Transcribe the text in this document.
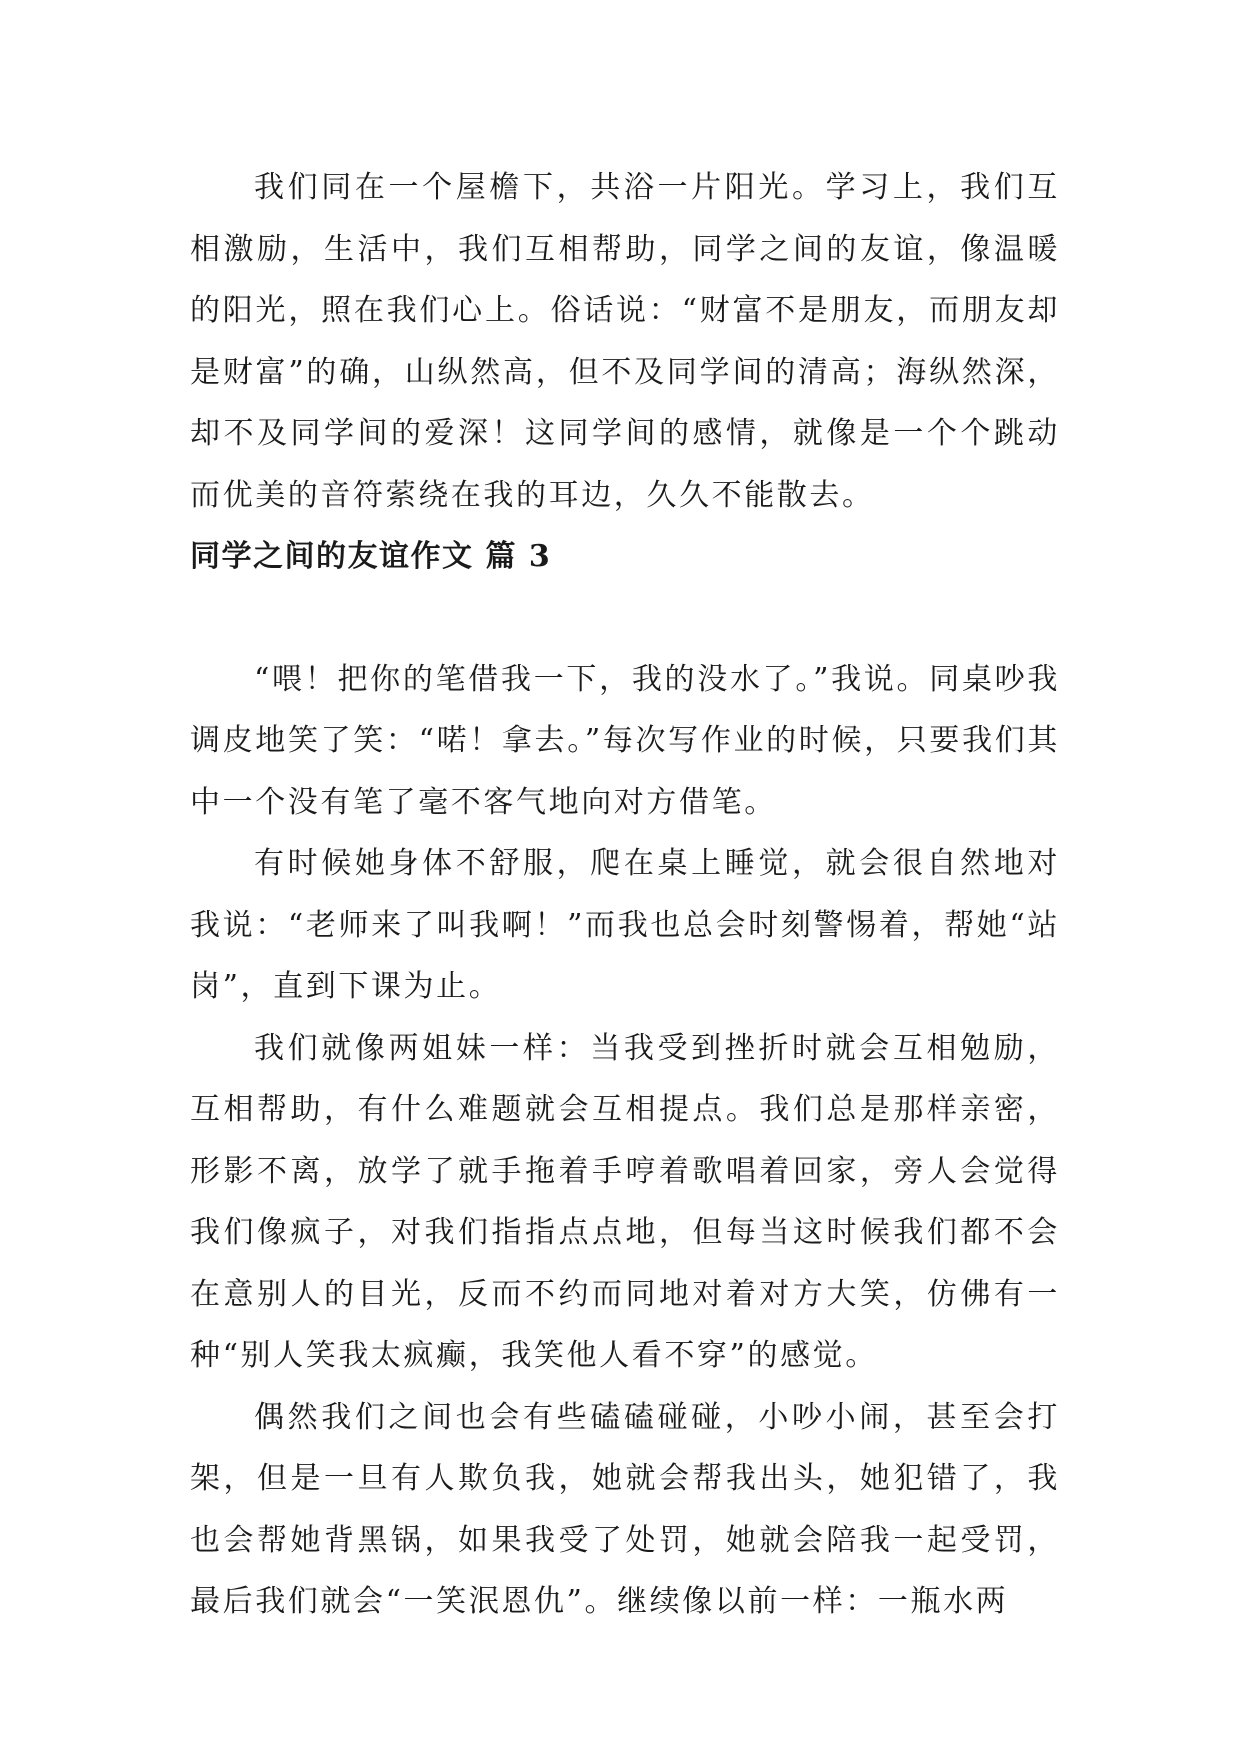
我们同在一个屋檐下，共浴一片阳光。学习上，我们互相激励，生活中，我们互相帮助，同学之间的友谊，像温暖的阳光，照在我们心上。俗话说：“财富不是朋友，而朋友却是财富”的确，山纵然高，但不及同学间的清高；海纵然深，却不及同学间的爱深！这同学间的感情，就像是一个个跳动而优美的音符萦绕在我的耳边，久久不能散去。

同学之间的友谊作文 篇 3

“喂！把你的笔借我一下，我的没水了。”我说。同桌吵我调皮地笑了笑：“喏！拿去。”每次写作业的时候，只要我们其中一个没有笔了毫不客气地向对方借笔。

有时候她身体不舒服，爬在桌上睡觉，就会很自然地对我说：“老师来了叫我啊！”而我也总会时刻警惕着，帮她“站岗”，直到下课为止。

我们就像两姐妹一样：当我受到挫折时就会互相勉励，互相帮助，有什么难题就会互相提点。我们总是那样亲密，形影不离，放学了就手拖着手哼着歌唱着回家，旁人会觉得我们像疯子，对我们指指点点地，但每当这时候我们都不会在意别人的目光，反而不约而同地对着对方大笑，仿佛有一种“别人笑我太疯癫，我笑他人看不穿”的感觉。

偶然我们之间也会有些磕磕碰碰，小吵小闹，甚至会打架，但是一旦有人欺负我，她就会帮我出头，她犯错了，我也会帮她背黑锅，如果我受了处罚，她就会陪我一起受罚，最后我们就会“一笑泯恩仇”。继续像以前一样：一瓶水两
